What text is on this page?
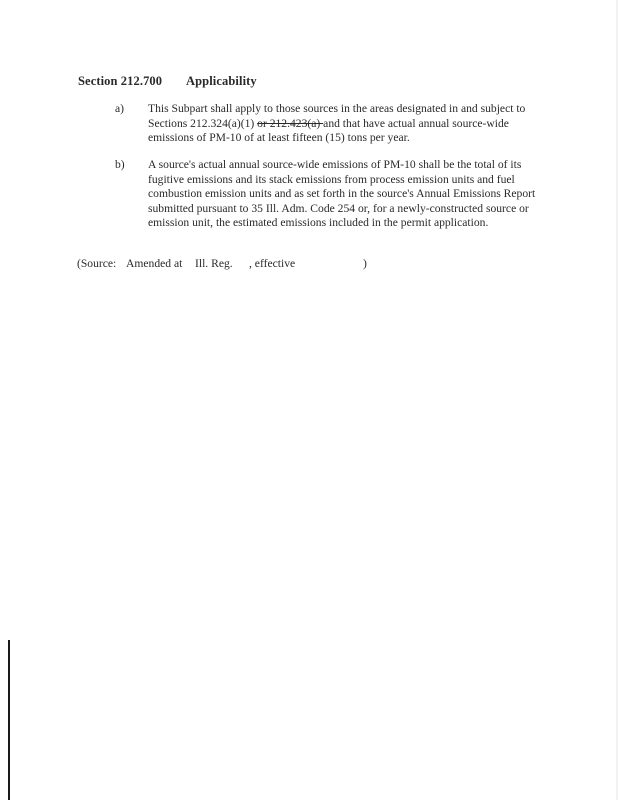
Section 212.700 Applicability
a) This Subpart shall apply to those sources in the areas designated in and subject to Sections 212.324(a)(1) or 212.423(a) and that have actual annual source-wide emissions of PM-10 of at least fifteen (15) tons per year.
b) A source's actual annual source-wide emissions of PM-10 shall be the total of its fugitive emissions and its stack emissions from process emission units and fuel combustion emission units and as set forth in the source's Annual Emissions Report submitted pursuant to 35 Ill. Adm. Code 254 or, for a newly-constructed source or emission unit, the estimated emissions included in the permit application.
(Source: Amended at Ill. Reg. , effective	)
